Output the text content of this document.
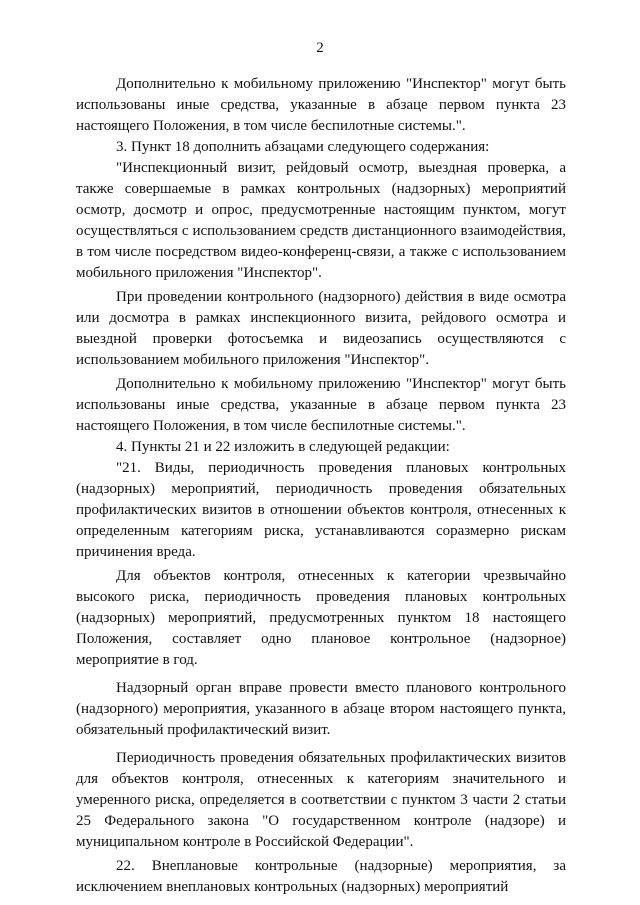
2

Дополнительно к мобильному приложению "Инспектор" могут быть использованы иные средства, указанные в абзаце первом пункта 23 настоящего Положения, в том числе беспилотные системы.".

3. Пункт 18 дополнить абзацами следующего содержания:

"Инспекционный визит, рейдовый осмотр, выездная проверка, а также совершаемые в рамках контрольных (надзорных) мероприятий осмотр, досмотр и опрос, предусмотренные настоящим пунктом, могут осуществляться с использованием средств дистанционного взаимодействия, в том числе посредством видео-конференц-связи, а также с использованием мобильного приложения "Инспектор".

При проведении контрольного (надзорного) действия в виде осмотра или досмотра в рамках инспекционного визита, рейдового осмотра и выездной проверки фотосъемка и видеозапись осуществляются с использованием мобильного приложения "Инспектор".

Дополнительно к мобильному приложению "Инспектор" могут быть использованы иные средства, указанные в абзаце первом пункта 23 настоящего Положения, в том числе беспилотные системы.".

4. Пункты 21 и 22 изложить в следующей редакции:

"21. Виды, периодичность проведения плановых контрольных (надзорных) мероприятий, периодичность проведения обязательных профилактических визитов в отношении объектов контроля, отнесенных к определенным категориям риска, устанавливаются соразмерно рискам причинения вреда.

Для объектов контроля, отнесенных к категории чрезвычайно высокого риска, периодичность проведения плановых контрольных (надзорных) мероприятий, предусмотренных пунктом 18 настоящего Положения, составляет одно плановое контрольное (надзорное) мероприятие в год.

Надзорный орган вправе провести вместо планового контрольного (надзорного) мероприятия, указанного в абзаце втором настоящего пункта, обязательный профилактический визит.

Периодичность проведения обязательных профилактических визитов для объектов контроля, отнесенных к категориям значительного и умеренного риска, определяется в соответствии с пунктом 3 части 2 статьи 25 Федерального закона "О государственном контроле (надзоре) и муниципальном контроле в Российской Федерации".

22. Внеплановые контрольные (надзорные) мероприятия, за исключением внеплановых контрольных (надзорных) мероприятий
